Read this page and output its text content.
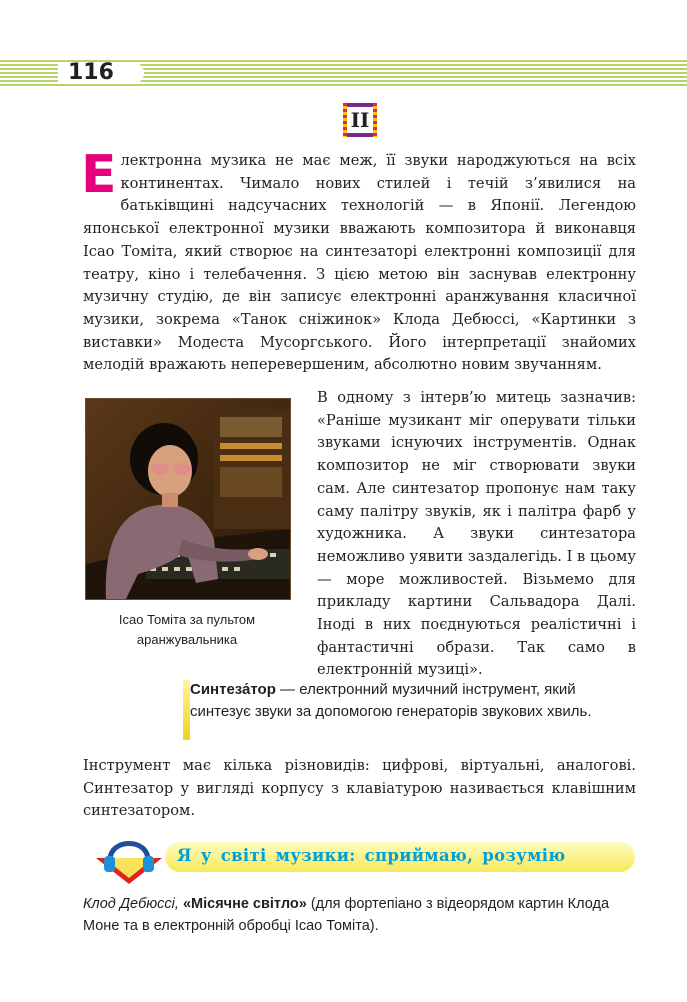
116
ІІ
Е лектронна музика не має меж, її звуки народжуються на всіх континентах. Чимало нових стилей і течій з’явилися на батьківщині надсучасних технологій — в Японії. Легендою японської електронної музики вважають композитора й виконавця Ісао Томіта, який створює на синтезаторі електронні композиції для театру, кіно і телебачення. З цією метою він заснував електронну музичну студію, де він записує електронні аранжування класичної музики, зокрема «Танок сніжинок» Клода Дебюссі, «Картинки з виставки» Модеста Мусоргського. Його інтерпретації знайомих мелодій вражають неперевершеним, абсолютно новим звучанням.
Ісао Томіта за пультом
аранжувальника
В одному з інтерв’ю митець зазначив: «Раніше музикант міг оперувати тільки звуками існуючих інструментів. Однак композитор не міг створювати звуки сам. Але синтезатор пропонує нам таку саму палітру звуків, як і палітра фарб у художника. А звуки синтезатора неможливо уявити заздалегідь. І в цьому — море можливостей. Візьмемо для прикладу картини Сальвадора Далі. Іноді в них поєднуються реалістичні і фантастичні образи. Так само в електронній музиці».
Синтеза́тор — електронний музичний інструмент, який синтезує звуки за допомогою генераторів звукових хвиль.
Інструмент має кілька різновидів: цифрові, віртуальні, аналогові. Синтезатор у вигляді корпусу з клавіатурою називається клавішним синтезатором.
Я у світі музики: сприймаю, розумію
Клод Дебюссі, «Місячне світло» (для фортепіано з відеорядом картин Клода Моне та в електронній обробці Ісао Томіта).
